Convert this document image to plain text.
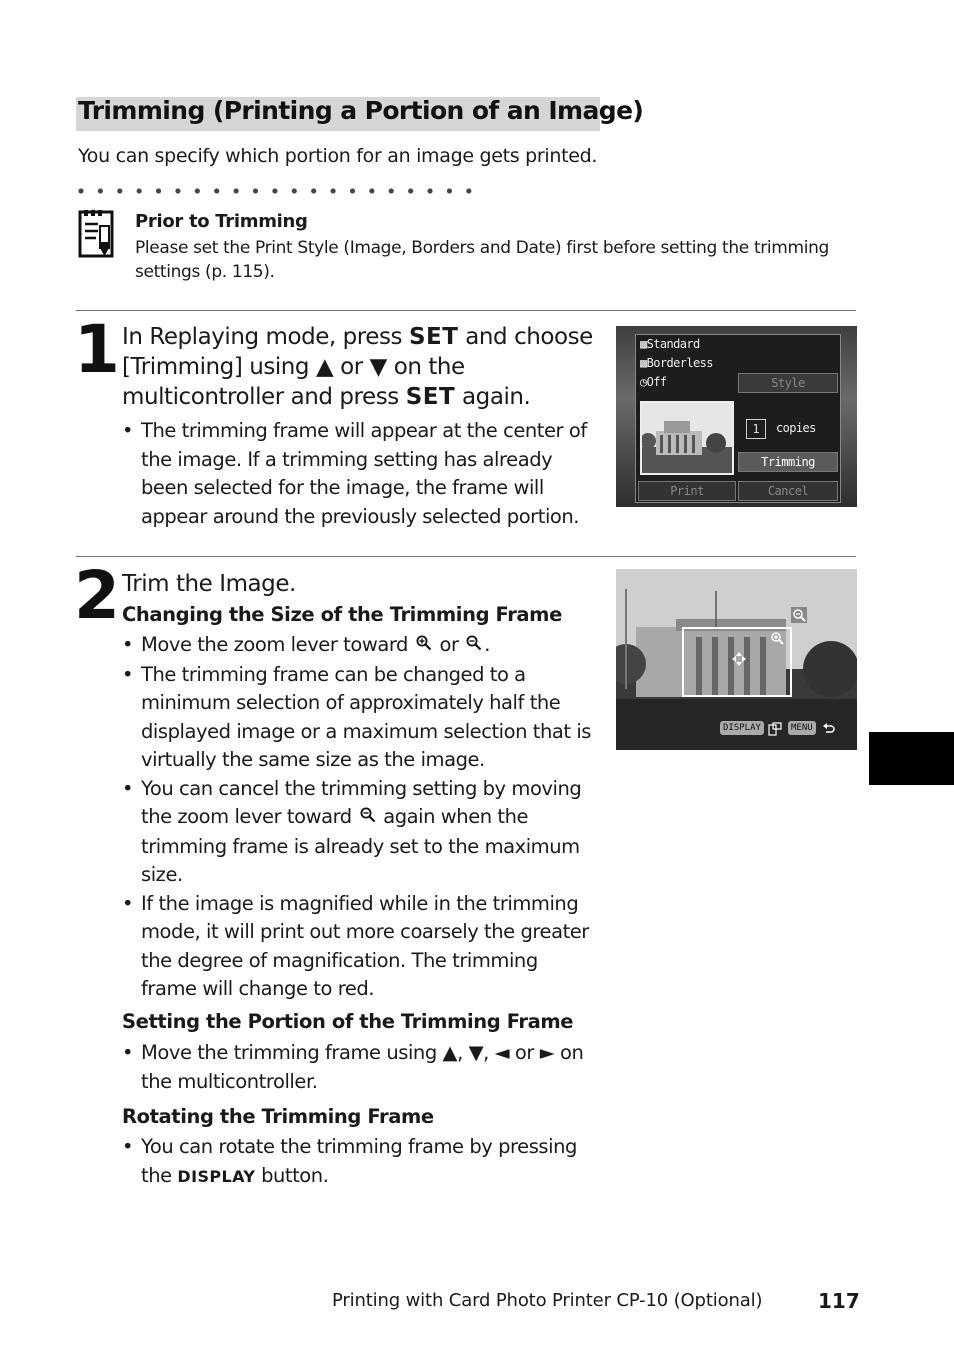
Trimming (Printing a Portion of an Image)
You can specify which portion for an image gets printed.
Prior to Trimming
Please set the Print Style (Image, Borders and Date) first before setting the trimming settings (p. 115).
1 In Replaying mode, press SET and choose [Trimming] using ▲ or ▼ on the multicontroller and press SET again.
• The trimming frame will appear at the center of the image. If a trimming setting has already been selected for the image, the frame will appear around the previously selected portion.
▩Standard
▩Borderless
◷Off	Style
1	copies
Trimming
Print	Cancel
2 Trim the Image.
Changing the Size of the Trimming Frame
• Move the zoom lever toward or .
• The trimming frame can be changed to a minimum selection of approximately half the displayed image or a maximum selection that is virtually the same size as the image.
• You can cancel the trimming setting by moving the zoom lever toward again when the trimming frame is already set to the maximum size.
• If the image is magnified while in the trimming mode, it will print out more coarsely the greater the degree of magnification. The trimming frame will change to red.
Setting the Portion of the Trimming Frame
• Move the trimming frame using ▲, ▼, ◄ or ► on the multicontroller.
Rotating the Trimming Frame
• You can rotate the trimming frame by pressing the DISPLAY button.
DISPLAY	MENU
Printing with Card Photo Printer CP-10 (Optional)	117
